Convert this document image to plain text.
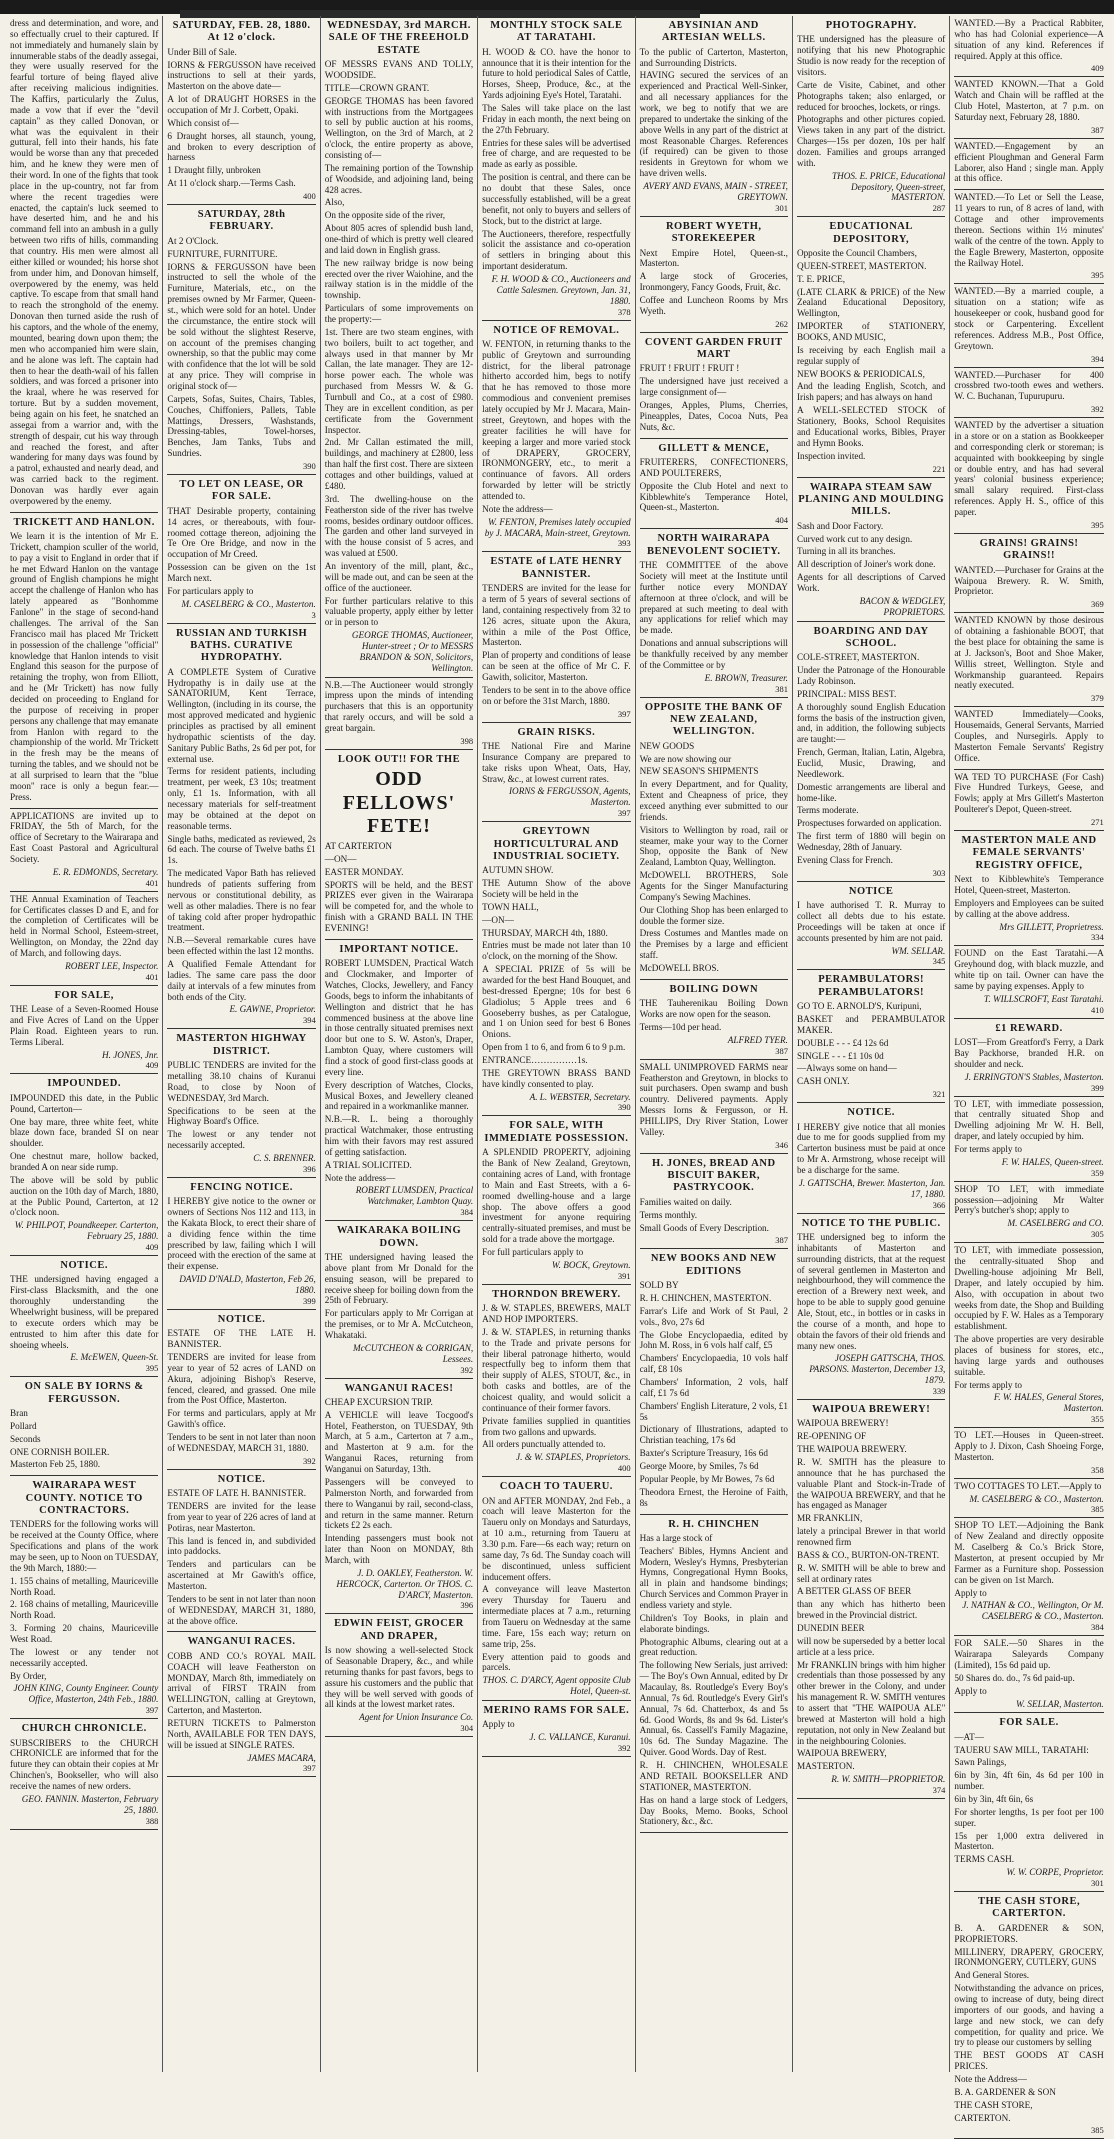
dress and determination, and wore, and so effectually cruel to their captured. If not immediately and humanely slain by innumerable stabs of the deadly assegai, they were usually reserved for the fearful torture of being flayed alive after receiving malicious indignities. The Kaffirs, particularly the Zulus, made a vow that if ever the "devil captain" as they called Donovan, or what was the equivalent in their guttural, fell into their hands, his fate would be worse than any that preceded him, and he knew they were men of their word. In one of the fights that took place in the up-country, not far from where the recent tragedies were enacted, the captain's luck seemed to have deserted him, and he and his command fell into an ambush in a gully between two rifts of hills, commanding that country. His men were almost all either killed or wounded; his horse shot from under him, and Donovan himself, overpowered by the enemy, was held captive. To escape from that small hand to reach the stronghold of the enemy. Donovan then turned aside the rush of his captors, and the whole of the enemy, mounted, bearing down upon them; the men who accompanied him were slain, and he alone was left. The captain had then to hear the death-wail of his fallen soldiers, and was forced a prisoner into the kraal, where he was reserved for torture. But by a sudden movement, being again on his feet, he snatched an assegai from a warrior and, with the strength of despair, cut his way through and reached the forest, and after wandering for many days was found by a patrol, exhausted and nearly dead, and was carried back to the regiment. Donovan was hardly ever again overpowered by the enemy.

TRICKETT AND HANLON.

We learn it is the intention of Mr E. Trickett, champion sculler of the world, to pay a visit to England in order that if he met Edward Hanlon on the vantage ground of English champions he might accept the challenge of Hanlon who has lately appeared as "Bonhomme Fanlone" in the stage of second-hand challenges. The arrival of the San Francisco mail has placed Mr Trickett in possession of the challenge "official" knowledge that Hanlon intends to visit England this season for the purpose of retaining the trophy, won from Elliott, and he (Mr Trickett) has now fully decided on proceeding to England for the purpose of receiving in proper persons any challenge that may emanate from Hanlon with regard to the championship of the world. Mr Trickett in the fresh may be the means of turning the tables, and we should not be at all surprised to learn that the "blue moon" race is only a begun fear.—Press.

APPLICATIONS are invited up to FRIDAY, the 5th of March, for the office of Secretary to the Wairarapa and East Coast Pastoral and Agricultural Society.

E. R. EDMONDS, Secretary.
401

THE Annual Examination of Teachers for Certificates classes D and E, and for the completion of Certificates will be held in Normal School, Esteem-street, Wellington, on Monday, the 22nd day of March, and following days.

ROBERT LEE, Inspector.
401
FOR SALE,

THE Lease of a Seven-Roomed House and Five Acres of Land on the Upper Plain Road. Eighteen years to run. Terms Liberal.

H. JONES, Jnr.
409
IMPOUNDED.

IMPOUNDED this date, in the Public Pound, Carterton—

One bay mare, three white feet, white blaze down face, branded SI on near shoulder.

One chestnut mare, hollow backed, branded A on near side rump.

The above will be sold by public auction on the 10th day of March, 1880, at the Public Pound, Carterton, at 12 o'clock noon.

W. PHILPOT, Poundkeeper. Carterton, February 25, 1880.
409
NOTICE.

THE undersigned having engaged a First-class Blacksmith, and the one thoroughly understanding the Wheelwright business, will be prepared to execute orders which may be entrusted to him after this date for shoeing wheels.

E. McEWEN, Queen-St.
395
ON SALE BY IORNS & FERGUSSON.

Bran

Pollard

Seconds

ONE CORNISH BOILER.

Masterton Feb 25, 1880.

WAIRARAPA WEST COUNTY. NOTICE TO CONTRACTORS.

TENDERS for the following works will be received at the County Office, where Specifications and plans of the work may be seen, up to Noon on TUESDAY, the 9th March, 1880:—

1. 155 chains of metalling, Mauriceville North Road.

2. 168 chains of metalling, Mauriceville North Road.

3. Forming 20 chains, Mauriceville West Road.

The lowest or any tender not necessarily accepted.

By Order,

JOHN KING, County Engineer. County Office, Masterton, 24th Feb., 1880.
397
CHURCH CHRONICLE.

SUBSCRIBERS to the CHURCH CHRONICLE are informed that for the future they can obtain their copies at Mr Chinchen's, Bookseller, who will also receive the names of new orders.

GEO. FANNIN. Masterton, February 25, 1880.
388
SATURDAY, FEB. 28, 1880. At 12 o'clock.

Under Bill of Sale.

IORNS & FERGUSSON have received instructions to sell at their yards, Masterton on the above date—

A lot of DRAUGHT HORSES in the occupation of Mr J. Corbett, Opaki.

Which consist of—

6 Draught horses, all staunch, young, and broken to every description of harness

1 Draught filly, unbroken

At 11 o'clock sharp.—Terms Cash.

400
SATURDAY, 28th FEBRUARY.

At 2 O'Clock.

FURNITURE, FURNITURE.

IORNS & FERGUSSON have been instructed to sell the whole of the Furniture, Materials, etc., on the premises owned by Mr Farmer, Queen-st., which were sold for an hotel. Under the circumstance, the entire stock will be sold without the slightest Reserve, on account of the premises changing ownership, so that the public may come with confidence that the lot will be sold at any price. They will comprise in original stock of—

Carpets, Sofas, Suites, Chairs, Tables, Couches, Chiffoniers, Pallets, Table Mattings, Dressers, Washstands, Dressing-tables, Towel-horses, Benches, Jam Tanks, Tubs and Sundries.

390
TO LET ON LEASE, OR FOR SALE.

THAT Desirable property, containing 14 acres, or thereabouts, with four-roomed cottage thereon, adjoining the Te Ore Ore Bridge, and now in the occupation of Mr Creed.

Possession can be given on the 1st March next.

For particulars apply to

M. CASELBERG & CO., Masterton.
3
RUSSIAN AND TURKISH BATHS. CURATIVE HYDROPATHY.

A COMPLETE System of Curative Hydropathy is in daily use at the SANATORIUM, Kent Terrace, Wellington, (including in its course, the most approved medicated and hygienic principles as practised by all eminent hydropathic scientists of the day. Sanitary Public Baths, 2s 6d per pot, for external use.

Terms for resident patients, including treatment, per week, £3 10s; treatment only, £1 1s. Information, with all necessary materials for self-treatment may be obtained at the depot on reasonable terms.

Single baths, medicated as reviewed, 2s 6d each. The course of Twelve baths £1 1s.

The medicated Vapor Bath has relieved hundreds of patients suffering from nervous or constitutional debility, as well as other maladies. There is no fear of taking cold after proper hydropathic treatment.

N.B.—Several remarkable cures have been effected within the last 12 months.

A Qualified Female Attendant for ladies. The same care pass the door daily at intervals of a few minutes from both ends of the City.

E. GAWNE, Proprietor.
394
MASTERTON HIGHWAY DISTRICT.

PUBLIC TENDERS are invited for the metalling 38.10 chains of Kuranui Road, to close by Noon of WEDNESDAY, 3rd March.

Specifications to be seen at the Highway Board's Office.

The lowest or any tender not necessarily accepted.

C. S. BRENNER.
396
FENCING NOTICE.

I HEREBY give notice to the owner or owners of Sections Nos 112 and 113, in the Kakata Block, to erect their share of a dividing fence within the time prescribed by law, failing which I will proceed with the erection of the same at their expense.

DAVID D'NALD, Masterton, Feb 26, 1880.
399
NOTICE.

ESTATE OF THE LATE H. BANNISTER.

TENDERS are invited for lease from year to year of 52 acres of LAND on Akura, adjoining Bishop's Reserve, fenced, cleared, and grassed. One mile from the Post Office, Masterton.

For terms and particulars, apply at Mr Gawith's office.

Tenders to be sent in not later than noon of WEDNESDAY, MARCH 31, 1880.

392
NOTICE.

ESTATE OF LATE H. BANNISTER.

TENDERS are invited for the lease from year to year of 226 acres of land at Potiras, near Masterton.

This land is fenced in, and subdivided into paddocks.

Tenders and particulars can be ascertained at Mr Gawith's office, Masterton.

Tenders to be sent in not later than noon of WEDNESDAY, MARCH 31, 1880, at the above office.

WANGANUI RACES.

COBB AND CO.'s ROYAL MAIL COACH will leave Featherston on MONDAY, March 8th, immediately on arrival of FIRST TRAIN from WELLINGTON, calling at Greytown, Carterton, and Masterton.

RETURN TICKETS to Palmerston North, AVAILABLE FOR TEN DAYS, will be issued at SINGLE RATES.

JAMES MACARA,
397
WEDNESDAY, 3rd MARCH. SALE OF THE FREEHOLD ESTATE

OF MESSRS EVANS AND TOLLY, WOODSIDE.

TITLE—CROWN GRANT.

GEORGE THOMAS has been favored with instructions from the Mortgagees to sell by public auction at his rooms, Wellington, on the 3rd of March, at 2 o'clock, the entire property as above, consisting of—

The remaining portion of the Township of Woodside, and adjoining land, being 428 acres.

Also,

On the opposite side of the river,

About 805 acres of splendid bush land, one-third of which is pretty well cleared and laid down in English grass.

The new railway bridge is now being erected over the river Waiohine, and the railway station is in the middle of the township.

Particulars of some improvements on the property:—

1st. There are two steam engines, with two boilers, built to act together, and always used in that manner by Mr Callan, the late manager. They are 12-horse power each. The whole was purchased from Messrs W. & G. Turnbull and Co., at a cost of £980. They are in excellent condition, as per certificate from the Government Inspector.

2nd. Mr Callan estimated the mill, buildings, and machinery at £2800, less than half the first cost. There are sixteen cottages and other buildings, valued at £480.

3rd. The dwelling-house on the Featherston side of the river has twelve rooms, besides ordinary outdoor offices. The garden and other land surveyed in with the house consist of 5 acres, and was valued at £500.

An inventory of the mill, plant, &c., will be made out, and can be seen at the office of the auctioneer.

For further particulars relative to this valuable property, apply either by letter or in person to

GEORGE THOMAS, Auctioneer, Hunter-street ; Or to MESSRS BRANDON & SON, Solicitors, Wellington.

N.B.—The Auctioneer would strongly impress upon the minds of intending purchasers that this is an opportunity that rarely occurs, and will be sold a great bargain.

398
LOOK OUT!! FOR THE
ODD FELLOWS' FETE!

AT CARTERTON

—ON—

EASTER MONDAY.

SPORTS will be held, and the BEST PRIZES ever given in the Wairarapa will be competed for, and the whole to finish with a GRAND BALL IN THE EVENING!

IMPORTANT NOTICE.

ROBERT LUMSDEN, Practical Watch and Clockmaker, and Importer of Watches, Clocks, Jewellery, and Fancy Goods, begs to inform the inhabitants of Wellington and district that he has commenced business at the above line in those centrally situated premises next door but one to S. W. Aston's, Draper, Lambton Quay, where customers will find a stock of good first-class goods at every line.

Every description of Watches, Clocks, Musical Boxes, and Jewellery cleaned and repaired in a workmanlike manner.

N.B.—R. L. being a thoroughly practical Watchmaker, those entrusting him with their favors may rest assured of getting satisfaction.

A TRIAL SOLICITED.

Note the address—

ROBERT LUMSDEN, Practical Watchmaker, Lambton Quay.
384
WAIKARAKA BOILING DOWN.

THE undersigned having leased the above plant from Mr Donald for the ensuing season, will be prepared to receive sheep for boiling down from the 25th of February.

For particulars apply to Mr Corrigan at the premises, or to Mr A. McCutcheon, Whakataki.

McCUTCHEON & CORRIGAN, Lessees.
392
WANGANUI RACES!

CHEAP EXCURSION TRIP.

A VEHICLE will leave Tocgood's Hotel, Featherston, on TUESDAY, 9th March, at 5 a.m., Carterton at 7 a.m., and Masterton at 9 a.m. for the Wanganui Races, returning from Wanganui on Saturday, 13th.

Passengers will be conveyed to Palmerston North, and forwarded from there to Wanganui by rail, second-class, and return in the same manner. Return tickets £2 2s each.

Intending passengers must book not later than Noon on MONDAY, 8th March, with

J. D. OAKLEY, Featherston. W. HERCOCK, Carterton. Or THOS. C. D'ARCY, Masterton.
396
EDWIN FEIST, GROCER AND DRAPER,

Is now showing a well-selected Stock of Seasonable Drapery, &c., and while returning thanks for past favors, begs to assure his customers and the public that they will be well served with goods of all kinds at the lowest market rates.

Agent for Union Insurance Co.
304
MONTHLY STOCK SALE AT TARATAHI.

H. WOOD & CO. have the honor to announce that it is their intention for the future to hold periodical Sales of Cattle, Horses, Sheep, Produce, &c., at the Yards adjoining Eye's Hotel, Taratahi.

The Sales will take place on the last Friday in each month, the next being on the 27th February.

Entries for these sales will be advertised free of charge, and are requested to be made as early as possible.

The position is central, and there can be no doubt that these Sales, once successfully established, will be a great benefit, not only to buyers and sellers of Stock, but to the district at large.

The Auctioneers, therefore, respectfully solicit the assistance and co-operation of settlers in bringing about this important desideratum.

F. H. WOOD & CO., Auctioneers and Cattle Salesmen. Greytown, Jan. 31, 1880.
378
NOTICE OF REMOVAL.

W. FENTON, in returning thanks to the public of Greytown and surrounding district, for the liberal patronage hitherto accorded him, begs to notify that he has removed to those more commodious and convenient premises lately occupied by Mr J. Macara, Main-street, Greytown, and hopes with the greater facilities he will have for keeping a larger and more varied stock of DRAPERY, GROCERY, IRONMONGERY, etc., to merit a continuance of favors. All orders forwarded by letter will be strictly attended to.

Note the address—

W. FENTON, Premises lately occupied by J. MACARA, Main-street, Greytown.
393
ESTATE of LATE HENRY BANNISTER.

TENDERS are invited for the lease for a term of 5 years of several sections of land, containing respectively from 32 to 126 acres, situate upon the Akura, within a mile of the Post Office, Masterton.

Plan of property and conditions of lease can be seen at the office of Mr C. F. Gawith, solicitor, Masterton.

Tenders to be sent in to the above office on or before the 31st March, 1880.

397
GRAIN RISKS.

THE National Fire and Marine Insurance Company are prepared to take risks upon Wheat, Oats, Hay, Straw, &c., at lowest current rates.

IORNS & FERGUSSON, Agents, Masterton.
397
GREYTOWN HORTICULTURAL AND INDUSTRIAL SOCIETY.

AUTUMN SHOW.

THE Autumn Show of the above Society will be held in the

TOWN HALL,

—ON—

THURSDAY, MARCH 4th, 1880.

Entries must be made not later than 10 o'clock, on the morning of the Show.

A SPECIAL PRIZE of 5s will be awarded for the best Hand Bouquet, and best-dressed Epergne; 10s for best 6 Gladiolus; 5 Apple trees and 6 Gooseberry bushes, as per Catalogue, and 1 on Union seed for best 6 Bones Onions.

Open from 1 to 6, and from 6 to 9 p.m.

ENTRANCE……………1s.

THE GREYTOWN BRASS BAND have kindly consented to play.

A. L. WEBSTER, Secretary.
390
FOR SALE, WITH IMMEDIATE POSSESSION.

A SPLENDID PROPERTY, adjoining the Bank of New Zealand, Greytown, containing acres of Land, with frontage to Main and East Streets, with a 6-roomed dwelling-house and a large shop. The above offers a good investment for anyone requiring centrally-situated premises, and must be sold for a trade above the mortgage.

For full particulars apply to

W. BOCK, Greytown.
391
THORNDON BREWERY.

J. & W. STAPLES, BREWERS, MALT AND HOP IMPORTERS.

J. & W. STAPLES, in returning thanks to the Trade and private persons for their liberal patronage hitherto, would respectfully beg to inform them that their supply of ALES, STOUT, &c., in both casks and bottles, are of the choicest quality, and would solicit a continuance of their former favors.

Private families supplied in quantities from two gallons and upwards.

All orders punctually attended to.

J. & W. STAPLES, Proprietors.
400
COACH TO TAUERU.

ON and AFTER MONDAY, 2nd Feb., a coach will leave Masterton for the Taueru only on Mondays and Saturdays, at 10 a.m., returning from Taueru at 3.30 p.m. Fare—6s each way; return on same day, 7s 6d. The Sunday coach will be discontinued, unless sufficient inducement offers.

A conveyance will leave Masterton every Thursday for Taueru and intermediate places at 7 a.m., returning from Taueru on Wednesday at the same time. Fare, 15s each way; return on same trip, 25s.

Every attention paid to goods and parcels.

THOS. C. D'ARCY, Agent opposite Club Hotel, Queen-st.
MERINO RAMS FOR SALE.

Apply to

J. C. VALLANCE, Kuranui.
392
ABYSINIAN AND ARTESIAN WELLS.

To the public of Carterton, Masterton, and Surrounding Districts.

HAVING secured the services of an experienced and Practical Well-Sinker, and all necessary appliances for the work, we beg to notify that we are prepared to undertake the sinking of the above Wells in any part of the district at most Reasonable Charges. References (if required) can be given to those residents in Greytown for whom we have driven wells.

AVERY AND EVANS, MAIN - STREET, GREYTOWN.
301
ROBERT WYETH, STOREKEEPER

Next Empire Hotel, Queen-st., Masterton.

A large stock of Groceries, Ironmongery, Fancy Goods, Fruit, &c.

Coffee and Luncheon Rooms by Mrs Wyeth.

262
COVENT GARDEN FRUIT MART

FRUIT ! FRUIT ! FRUIT !

The undersigned have just received a large consignment of—

Oranges, Apples, Plums, Cherries, Pineapples, Dates, Cocoa Nuts, Pea Nuts, &c.

GILLETT & MENCE,

FRUITERERS, CONFECTIONERS, AND POULTERERS,

Opposite the Club Hotel and next to Kibblewhite's Temperance Hotel, Queen-st., Masterton.

404
NORTH WAIRARAPA BENEVOLENT SOCIETY.

THE COMMITTEE of the above Society will meet at the Institute until further notice every MONDAY afternoon at three o'clock, and will be prepared at such meeting to deal with any applications for relief which may be made.

Donations and annual subscriptions will be thankfully received by any member of the Committee or by

E. BROWN, Treasurer.
381
OPPOSITE THE BANK OF NEW ZEALAND, WELLINGTON.

NEW GOODS

We are now showing our

NEW SEASON'S SHIPMENTS

In every Department, and for Quality, Extent and Cheapness of price, they exceed anything ever submitted to our friends.

Visitors to Wellington by road, rail or steamer, make your way to the Corner Shop, opposite the Bank of New Zealand, Lambton Quay, Wellington.

McDOWELL BROTHERS, Sole Agents for the Singer Manufacturing Company's Sewing Machines.

Our Clothing Shop has been enlarged to double the former size.

Dress Costumes and Mantles made on the Premises by a large and efficient staff.

McDOWELL BROS.

BOILING DOWN

THE Tauherenikau Boiling Down Works are now open for the season.

Terms—10d per head.

ALFRED TYER.
387

SMALL UNIMPROVED FARMS near Featherston and Greytown, in blocks to suit purchasers. Open swamp and bush country. Delivered payments. Apply Messrs Iorns & Fergusson, or H. PHILLIPS, Dry River Station, Lower Valley.

346
H. JONES, BREAD AND BISCUIT BAKER, PASTRYCOOK.

Families waited on daily.

Terms monthly.

Small Goods of Every Description.

387
NEW BOOKS AND NEW EDITIONS

SOLD BY

R. H. CHINCHEN, MASTERTON.

Farrar's Life and Work of St Paul, 2 vols., 8vo, 27s 6d

The Globe Encyclopaedia, edited by John M. Ross, in 6 vols half calf, £5

Chambers' Encyclopaedia, 10 vols half calf, £8 10s

Chambers' Information, 2 vols, half calf, £1 7s 6d

Chambers' English Literature, 2 vols, £1 5s

Dictionary of Illustrations, adapted to Christian teaching, 17s 6d

Baxter's Scripture Treasury, 16s 6d

George Moore, by Smiles, 7s 6d

Popular People, by Mr Bowes, 7s 6d

Theodora Ernest, the Heroine of Faith, 8s

R. H. CHINCHEN

Has a large stock of

Teachers' Bibles, Hymns Ancient and Modern, Wesley's Hymns, Presbyterian Hymns, Congregational Hymn Books, all in plain and handsome bindings; Church Services and Common Prayer in endless variety and style.

Children's Toy Books, in plain and elaborate bindings.

Photographic Albums, clearing out at a great reduction.

The following New Serials, just arrived:— The Boy's Own Annual, edited by Dr Macaulay, 8s. Routledge's Every Boy's Annual, 7s 6d. Routledge's Every Girl's Annual, 7s 6d. Chatterbox, 4s and 5s 6d. Good Words, 8s and 9s 6d. Lister's Annual, 6s. Cassell's Family Magazine, 10s 6d. The Sunday Magazine. The Quiver. Good Words. Day of Rest.

R. H. CHINCHEN, WHOLESALE AND RETAIL BOOKSELLER AND STATIONER, MASTERTON.

Has on hand a large stock of Ledgers, Day Books, Memo. Books, School Stationery, &c., &c.

PHOTOGRAPHY.

THE undersigned has the pleasure of notifying that his new Photographic Studio is now ready for the reception of visitors.

Carte de Visite, Cabinet, and other Photographs taken; also enlarged, or reduced for brooches, lockets, or rings.

Photographs and other pictures copied. Views taken in any part of the district. Charges—15s per dozen, 10s per half dozen. Families and groups arranged with.

THOS. E. PRICE, Educational Depository, Queen-street, MASTERTON.
287
EDUCATIONAL DEPOSITORY,

Opposite the Council Chambers,

QUEEN-STREET, MASTERTON.

T. E. PRICE,

(LATE CLARK & PRICE) of the New Zealand Educational Depository, Wellington,

IMPORTER of STATIONERY, BOOKS, AND MUSIC,

Is receiving by each English mail a regular supply of

NEW BOOKS & PERIODICALS,

And the leading English, Scotch, and Irish papers; and has always on hand

A WELL-SELECTED STOCK of Stationery, Books, School Requisites and Educational works, Bibles, Prayer and Hymn Books.

Inspection invited.

221
WAIRAPA STEAM SAW PLANING AND MOULDING MILLS.

Sash and Door Factory.

Curved work cut to any design.

Turning in all its branches.

All description of Joiner's work done.

Agents for all descriptions of Carved Work.

BACON & WEDGLEY, PROPRIETORS.
BOARDING AND DAY SCHOOL.

COLE-STREET, MASTERTON.

Under the Patronage of the Honourable Lady Robinson.

PRINCIPAL: MISS BEST.

A thoroughly sound English Education forms the basis of the instruction given, and, in addition, the following subjects are taught:—

French, German, Italian, Latin, Algebra, Euclid, Music, Drawing, and Needlework.

Domestic arrangements are liberal and home-like.

Terms moderate.

Prospectuses forwarded on application.

The first term of 1880 will begin on Wednesday, 28th of January.

Evening Class for French.

303
NOTICE

I have authorised T. R. Murray to collect all debts due to his estate. Proceedings will be taken at once if accounts presented by him are not paid.

WM. SELLAR.
345
PERAMBULATORS! PERAMBULATORS!

GO TO E. ARNOLD'S, Kuripuni,

BASKET and PERAMBULATOR MAKER.

DOUBLE - - - £4 12s 6d

SINGLE - - - £1 10s 0d

—Always some on hand—

CASH ONLY.

321
NOTICE.

I HEREBY give notice that all monies due to me for goods supplied from my Carterton business must be paid at once to Mr A. Armstrong, whose receipt will be a discharge for the same.

J. GATTSCHA, Brewer. Masterton, Jan. 17, 1880.
366
NOTICE TO THE PUBLIC.

THE undersigned beg to inform the inhabitants of Masterton and surrounding districts, that at the request of several gentlemen in Masterton and neighbourhood, they will commence the erection of a Brewery next week, and hope to be able to supply good genuine Ale, Stout, etc., in bottles or in casks in the course of a month, and hope to obtain the favors of their old friends and many new ones.

JOSEPH GATTSCHA, THOS. PARSONS. Masterton, December 13, 1879.
339
WAIPOUA BREWERY!

WAIPOUA BREWERY!

RE-OPENING OF

THE WAIPOUA BREWERY.

R. W. SMITH has the pleasure to announce that he has purchased the valuable Plant and Stock-in-Trade of the WAIPOUA BREWERY, and that he has engaged as Manager

MR FRANKLIN,

lately a principal Brewer in that world renowned firm

BASS & CO., BURTON-ON-TRENT.

R. W. SMITH will be able to brew and sell at ordinary rates

A BETTER GLASS OF BEER

than any which has hitherto been brewed in the Provincial district.

DUNEDIN BEER

will now be superseded by a better local article at a less price.

Mr FRANKLIN brings with him higher credentials than those possessed by any other brewer in the Colony, and under his management R. W. SMITH ventures to assert that "THE WAIPOUA ALE" brewed at Masterton will hold a high reputation, not only in New Zealand but in the neighbouring Colonies.

WAIPOUA BREWERY,

MASTERTON.

R. W. SMITH—PROPRIETOR.
374

WANTED.—By a Practical Rabbiter, who has had Colonial experience—A situation of any kind. References if required. Apply at this office.

409

WANTED KNOWN.—That a Gold Watch and Chain will be raffled at the Club Hotel, Masterton, at 7 p.m. on Saturday next, February 28, 1880.

387

WANTED.—Engagement by an efficient Ploughman and General Farm Laborer, also Hand ; single man. Apply at this office.

WANTED.—To Let or Sell the Lease, 11 years to run, of 8 acres of land, with Cottage and other improvements thereon. Sections within 1½ minutes' walk of the centre of the town. Apply to the Eagle Brewery, Masterton, opposite the Railway Hotel.

395

WANTED.—By a married couple, a situation on a station; wife as housekeeper or cook, husband good for stock or Carpentering. Excellent references. Address M.B., Post Office, Greytown.

394

WANTED.—Purchaser for 400 crossbred two-tooth ewes and wethers. W. C. Buchanan, Tupurupuru.

392

WANTED by the advertiser a situation in a store or on a station as Bookkeeper and corresponding clerk or storeman; is acquainted with bookkeeping by single or double entry, and has had several years' colonial business experience; small salary required. First-class references. Apply H. S., office of this paper.

395
GRAINS! GRAINS! GRAINS!!

WANTED.—Purchaser for Grains at the Waipoua Brewery. R. W. Smith, Proprietor.

369

WANTED KNOWN by those desirous of obtaining a fashionable BOOT, that the best place for obtaining the same is at J. Jackson's, Boot and Shoe Maker, Willis street, Wellington. Style and Workmanship guaranteed. Repairs neatly executed.

379

WANTED Immediately—Cooks, Housemaids, General Servants, Married Couples, and Nursegirls. Apply to Masterton Female Servants' Registry Office.

WA TED TO PURCHASE (For Cash) Five Hundred Turkeys, Geese, and Fowls; apply at Mrs Gillett's Masterton Poulterer's Depot, Queen-street.

271
MASTERTON MALE AND FEMALE SERVANTS' REGISTRY OFFICE,

Next to Kibblewhite's Temperance Hotel, Queen-street, Masterton.

Employers and Employees can be suited by calling at the above address.

Mrs GILLETT, Proprietress.
334

FOUND on the East Taratahi.—A Greyhound dog, with black muzzle, and white tip on tail. Owner can have the same by paying expenses. Apply to

T. WILLSCROFT, East Taratahi.
410
£1 REWARD.

LOST—From Greatford's Ferry, a Dark Bay Packhorse, branded H.R. on shoulder and neck.

J. ERRINGTON'S Stables, Masterton.
399

TO LET, with immediate possession, that centrally situated Shop and Dwelling adjoining Mr W. H. Bell, draper, and lately occupied by him.

For terms apply to

F. W. HALES, Queen-street.
359

SHOP TO LET, with immediate possession—adjoining Mr Walter Perry's butcher's shop; apply to

M. CASELBERG and CO.
305

TO LET, with immediate possession, the centrally-situated Shop and Dwelling-house adjoining Mr Bell, Draper, and lately occupied by him. Also, with occupation in about two weeks from date, the Shop and Building occupied by F. W. Hales as a Temporary establishment.

The above properties are very desirable places of business for stores, etc., having large yards and outhouses suitable.

For terms apply to

F. W. HALES, General Stores, Masterton.
355

TO LET.—Houses in Queen-street. Apply to J. Dixon, Cash Shoeing Forge, Masterton.

358

TWO COTTAGES TO LET.—Apply to

M. CASELBERG & CO., Masterton.
385

SHOP TO LET.—Adjoining the Bank of New Zealand and directly opposite M. Caselberg & Co.'s Brick Store, Masterton, at present occupied by Mr Farmer as a Furniture shop. Possession can be given on 1st March.

Apply to

J. NATHAN & CO., Wellington, Or M. CASELBERG & CO., Masterton.
384

FOR SALE.—50 Shares in the Wairarapa Saleyards Company (Limited), 15s 6d paid up.

50 Shares do. do., 7s 6d paid-up.

Apply to

W. SELLAR, Masterton.
FOR SALE.

—AT—

TAUERU SAW MILL, TARATAHI:

Sawn Palings,

6in by 3in, 4ft 6in, 4s 6d per 100 in number.

6in by 3in, 4ft 6in, 6s

For shorter lengths, 1s per foot per 100 super.

15s per 1,000 extra delivered in Masterton.

TERMS CASH.

W. W. CORPE, Proprietor.
301
THE CASH STORE, CARTERTON.

B. A. GARDENER & SON, PROPRIETORS.

MILLINERY, DRAPERY, GROCERY, IRONMONGERY, CUTLERY, GUNS

And General Stores.

Notwithstanding the advance on prices, owing to increase of duty, being direct importers of our goods, and having a large and new stock, we can defy competition, for quality and price. We try to please our customers by selling

THE BEST GOODS AT CASH PRICES.

Note the Address—

B. A. GARDENER & SON

THE CASH STORE,

CARTERTON.

385
